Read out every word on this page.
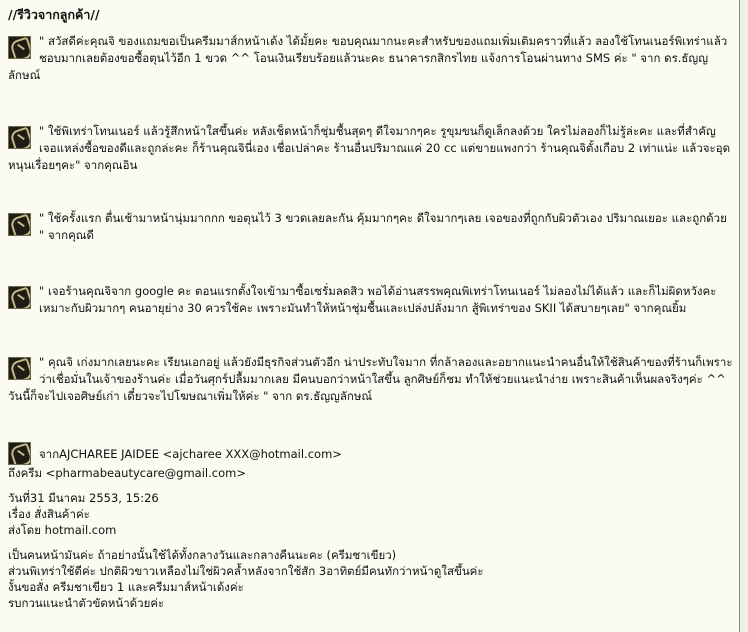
//รีวิวจากลูกค้า//
" สวัสดีค่ะคุณจิ ของแถมขอเป็นครีมมาส์กหน้าเด้ง ได้มั้ยคะ ขอบคุณมากนะคะสำหรับของแถมเพิ่มเติมคราวที่แล้ว ลองใช้โทนเนอร์พิเทร่าแล้ว ชอบมากเลยต้องขอซื้อตุนไว้อีก 1 ขวด ^^ โอนเงินเรียบร้อยแล้วนะคะ ธนาคารกสิกรไทย แจ้งการโอนผ่านทาง SMS ค่ะ " จาก ดร.ธัญญลักษณ์
" ใช้พิเทร่าโทนเนอร์ แล้วรู้สึกหน้าใสขึ้นค่ะ หลังเช็ดหน้าก็ชุ่มชื้นสุดๆ ดีใจมากๆคะ รูขุมขนก็ดูเล็กลงด้วย ใครไม่ลองก็ไม่รู้ล่ะคะ และที่สำคัญ เจอแหล่งซื้อของดีและถูกล่ะคะ ก็ร้านคุณจินี่เอง เชื่อเปล่าคะ ร้านอื่นปริมาณแค่ 20 cc แต่ขายแพงกว่า ร้านคุณจิตั้งเกือบ 2 เท่าแน่ะ แล้วจะอุดหนุนเรื่อยๆคะ" จากคุณอิน
" ใช้ครั้งแรก ตื่นเช้ามาหน้านุ่มมากกก ขอตุนไว้ 3 ขวดเลยละกัน คุ้มมากๆคะ ดีใจมากๆเลย เจอของที่ถูกกับผิวตัวเอง ปริมาณเยอะ และถูกด้วย " จากคุณดี
" เจอร้านคุณจิจาก google คะ ตอนแรกตั้งใจเข้ามาซื้อเซรั่มลดสิว พอได้อ่านสรรพคุณพิเทร่าโทนเนอร์ ไม่ลองไม่ได้แล้ว และก็ไม่ผิดหวังคะ เหมาะกับผิวมากๆ คนอายุย่าง 30 ควรใช้คะ เพราะมันทำให้หน้าชุ่มชื้นและเปล่งปลั่งมาก สู้พิเทร่าของ SKII ได้สบายๆเลย" จากคุณยิ้ม
" คุณจิ เก่งมากเลยนะคะ เรียนเอกอยู่ แล้วยังมีธุรกิจส่วนตัวอีก น่าประทับใจมาก ที่กล้าลองและอยากแนะนำคนอื่นให้ใช้สินค้าของที่ร้านก็เพราะว่าเชื่อมั่นในเจ้าของร้านค่ะ เมื่อวันศุกร์ปลื้มมากเลย มีคนบอกว่าหน้าใสขึ้น ลูกศิษย์ก็ชม ทำให้ช่วยแนะนำง่าย เพราะสินค้าเห็นผลจริงๆค่ะ ^^ วันนี้ก็จะไปเจอศิษย์เก่า เดี๋ยวจะไปโฆษณาเพิ่มให้ค่ะ " จาก ดร.ธัญญลักษณ์
จากAJCHAREE JAIDEE <ajcharee XXX@hotmail.com>
ถึงครีม <pharmabeautycare@gmail.com>
วันที่31 มีนาคม 2553, 15:26
เรื่อง สั่งสินค้าค่ะ
ส่งโดย hotmail.com
เป็นคนหน้ามันค่ะ ถ้าอย่างนั้นใช้ได้ทั้งกลางวันและกลางคืนนะคะ (ครีมชาเขียว)
ส่วนพิเทร่าใช้ดีค่ะ ปกติผิวขาวเหลืองไม่ใช่ผิวคล้ำหลังจากใช้สัก 3อาทิตย์มีคนทักว่าหน้าดูใสขึ้นค่ะ
งั้นขอสั่ง ครีมชาเขียว 1 และครีมมาส์หน้าเด้งค่ะ
รบกวนแนะนำตัวขัดหน้าด้วยค่ะ
